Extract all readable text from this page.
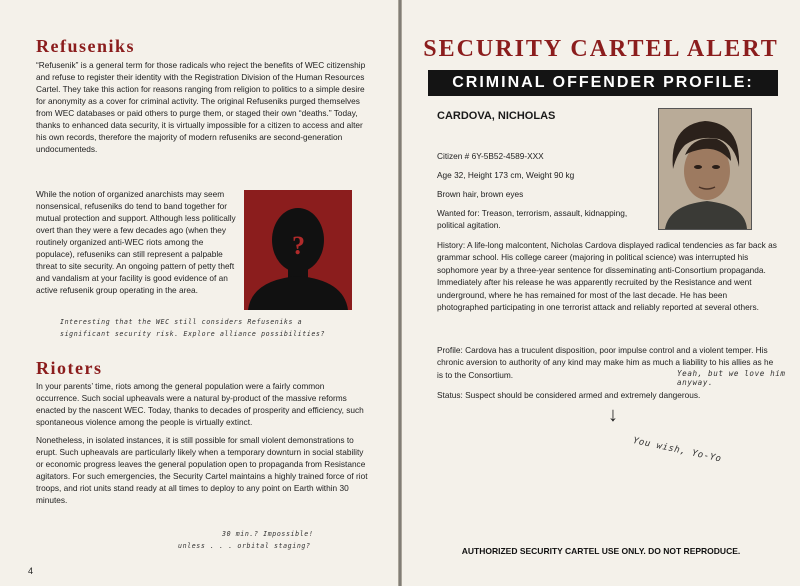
Refuseniks

“Refusenik” is a general term for those radicals who reject the benefits of WEC citizenship and refuse to register their identity with the Registration Division of the Human Resources Cartel. They take this action for reasons ranging from religion to politics to a simple desire for anonymity as a cover for criminal activity. The original Refuseniks purged themselves from WEC databases or paid others to purge them, or staged their own “deaths.” Today, thanks to enhanced data security, it is virtually impossible for a citizen to access and alter his own records, therefore the majority of modern refuseniks are second-generation undocumenteds.

While the notion of organized anarchists may seem nonsensical, refuseniks do tend to band together for mutual protection and support. Although less politically overt than they were a few decades ago (when they routinely organized anti-WEC riots among the populace), refuseniks can still represent a palpable threat to site security. An ongoing pattern of petty theft and vandalism at your facility is good evidence of an active refusenik group operating in the area.

?
Interesting that the WEC still considers Refuseniks a
significant security risk. Explore alliance possibilities?
Rioters

In your parents’ time, riots among the general population were a fairly common occurrence. Such social upheavals were a natural by-product of the massive reforms enacted by the nascent WEC. Today, thanks to decades of prosperity and efficiency, such spontaneous violence among the people is virtually extinct.

Nonetheless, in isolated instances, it is still possible for small violent demonstrations to erupt. Such upheavals are particularly likely when a temporary downturn in social stability or economic progress leaves the general population open to propaganda from Resistance agitators. For such emergencies, the Security Cartel maintains a highly trained force of riot troops, and riot units stand ready at all times to deploy to any point on Earth within 30 minutes.

30 min.? Impossible!
unless . . . orbital staging?
4
SECURITY CARTEL ALERT
CRIMINAL OFFENDER PROFILE:
CARDOVA, NICHOLAS
Citizen # 6Y-5B52-4589-XXX
Age 32, Height 173 cm, Weight 90 kg
Brown hair, brown eyes
Wanted for: Treason, terrorism, assault, kidnapping, political agitation.
History: A life-long malcontent, Nicholas Cardova displayed radical tendencies as far back as grammar school. His college career (majoring in political science) was interrupted his sophomore year by a three-year sentence for disseminating anti-Consortium propaganda. Immediately after his release he was apparently recruited by the Resistance and went underground, where he has remained for most of the last decade. He has been photographed participating in one terrorist attack and reliably reported at several others.
Profile: Cardova has a truculent disposition, poor impulse control and a violent temper. His chronic aversion to authority of any kind may make him as much a liability to his allies as he is to the Consortium.	Yeah, but we love him anyway.
Status: Suspect should be considered armed and extremely dangerous.
↓
You wish, Yo-Yo
AUTHORIZED SECURITY CARTEL USE ONLY. DO NOT REPRODUCE.
